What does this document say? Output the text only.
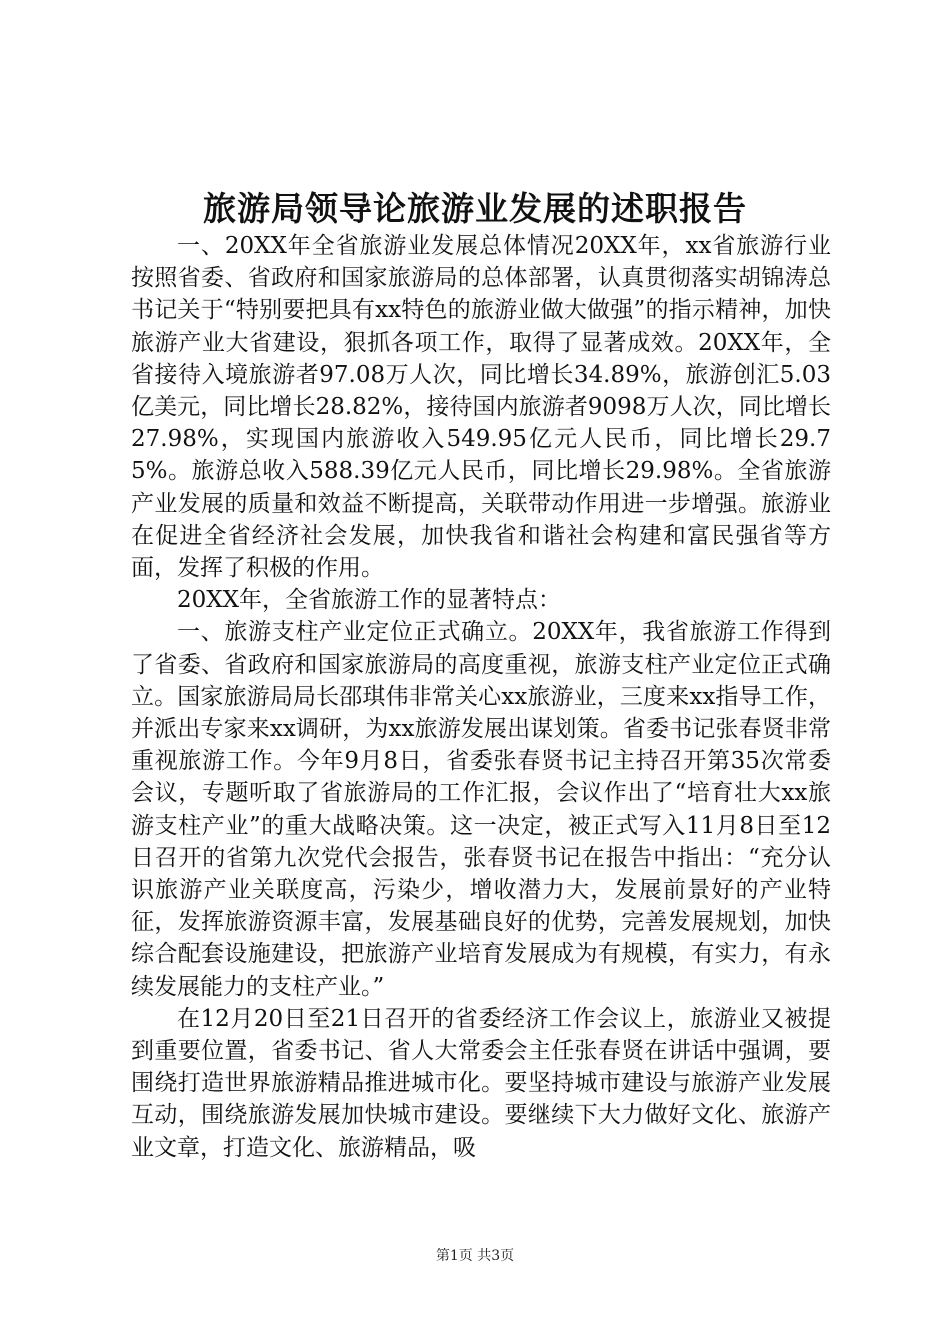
旅游局领导论旅游业发展的述职报告

一、20XX年全省旅游业发展总体情况20XX年，xx省旅游行业按照省委、省政府和国家旅游局的总体部署，认真贯彻落实胡锦涛总书记关于“特别要把具有xx特色的旅游业做大做强”的指示精神，加快旅游产业大省建设，狠抓各项工作，取得了显著成效。20XX年，全省接待入境旅游者97.08万人次，同比增长34.89%，旅游创汇5.03亿美元，同比增长28.82%，接待国内旅游者9098万人次，同比增长27.98%，实现国内旅游收入549.95亿元人民币，同比增长29.75%。旅游总收入588.39亿元人民币，同比增长29.98%。全省旅游产业发展的质量和效益不断提高，关联带动作用进一步增强。旅游业在促进全省经济社会发展，加快我省和谐社会构建和富民强省等方面，发挥了积极的作用。

20XX年，全省旅游工作的显著特点：

一、旅游支柱产业定位正式确立。20XX年，我省旅游工作得到了省委、省政府和国家旅游局的高度重视，旅游支柱产业定位正式确立。国家旅游局局长邵琪伟非常关心xx旅游业，三度来xx指导工作，并派出专家来xx调研，为xx旅游发展出谋划策。省委书记张春贤非常重视旅游工作。今年9月8日，省委张春贤书记主持召开第35次常委会议，专题听取了省旅游局的工作汇报，会议作出了“培育壮大xx旅游支柱产业”的重大战略决策。这一决定，被正式写入11月8日至12日召开的省第九次党代会报告，张春贤书记在报告中指出：“充分认识旅游产业关联度高，污染少，增收潜力大，发展前景好的产业特征，发挥旅游资源丰富，发展基础良好的优势，完善发展规划，加快综合配套设施建设，把旅游产业培育发展成为有规模，有实力，有永续发展能力的支柱产业。”

在12月20日至21日召开的省委经济工作会议上，旅游业又被提到重要位置，省委书记、省人大常委会主任张春贤在讲话中强调，要围绕打造世界旅游精品推进城市化。要坚持城市建设与旅游产业发展互动，围绕旅游发展加快城市建设。要继续下大力做好文化、旅游产业文章，打造文化、旅游精品，吸

第1页 共3页
